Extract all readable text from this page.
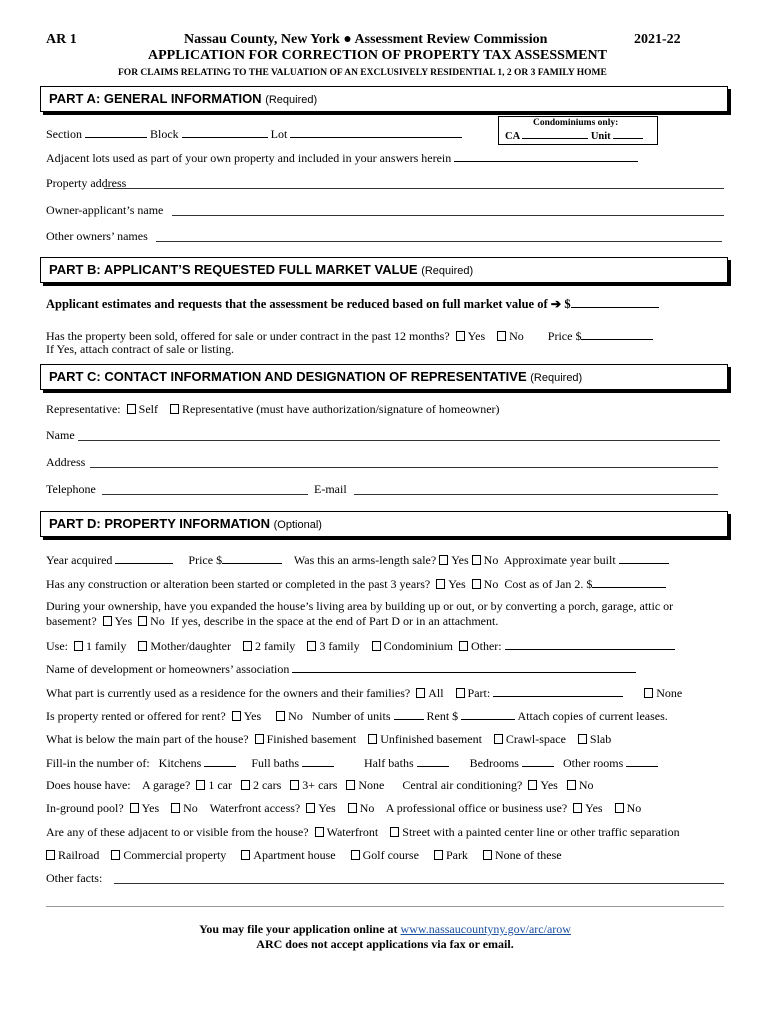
AR 1	Nassau County, New York ● Assessment Review Commission	2021-22
APPLICATION FOR CORRECTION OF PROPERTY TAX ASSESSMENT
FOR CLAIMS RELATING TO THE VALUATION OF AN EXCLUSIVELY RESIDENTIAL 1, 2 OR 3 FAMILY HOME
PART A: GENERAL INFORMATION (Required)
Section	Block	Lot
Condominiums only:
CA	Unit
Adjacent lots used as part of your own property and included in your answers herein
Property address
Owner-applicant’s name
Other owners’ names
PART B: APPLICANT’S REQUESTED FULL MARKET VALUE (Required)
Applicant estimates and requests that the assessment be reduced based on full market value of ➔ $
Has the property been sold, offered for sale or under contract in the past 12 months? Yes No Price $
If Yes, attach contract of sale or listing.
PART C: CONTACT INFORMATION AND DESIGNATION OF REPRESENTATIVE (Required)
Representative: Self Representative (must have authorization/signature of homeowner)
Name
Address
Telephone	E-mail
PART D: PROPERTY INFORMATION (Optional)
Year acquired	Price $	Was this an arms-length sale? Yes No Approximate year built
Has any construction or alteration been started or completed in the past 3 years? Yes No Cost as of Jan 2. $
During your ownership, have you expanded the house’s living area by building up or out, or by converting a porch, garage, attic or
basement? Yes No If yes, describe in the space at the end of Part D or in an attachment.
Use: 1 family Mother/daughter 2 family 3 family Condominium Other:
Name of development or homeowners’ association
What part is currently used as a residence for the owners and their families? All Part:	None
Is property rented or offered for rent? Yes No Number of units	Rent $	Attach copies of current leases.
What is below the main part of the house? Finished basement Unfinished basement Crawl-space Slab
Fill-in the number of: Kitchens	Full baths	Half baths	Bedrooms	Other rooms
Does house have: A garage? 1 car 2 cars 3+ cars None Central air conditioning? Yes No
In-ground pool? Yes No Waterfront access? Yes No A professional office or business use? Yes No
Are any of these adjacent to or visible from the house? Waterfront Street with a painted center line or other traffic separation
Railroad Commercial property Apartment house Golf course Park None of these
Other facts:
You may file your application online at www.nassaucountyny.gov/arc/arow
ARC does not accept applications via fax or email.
